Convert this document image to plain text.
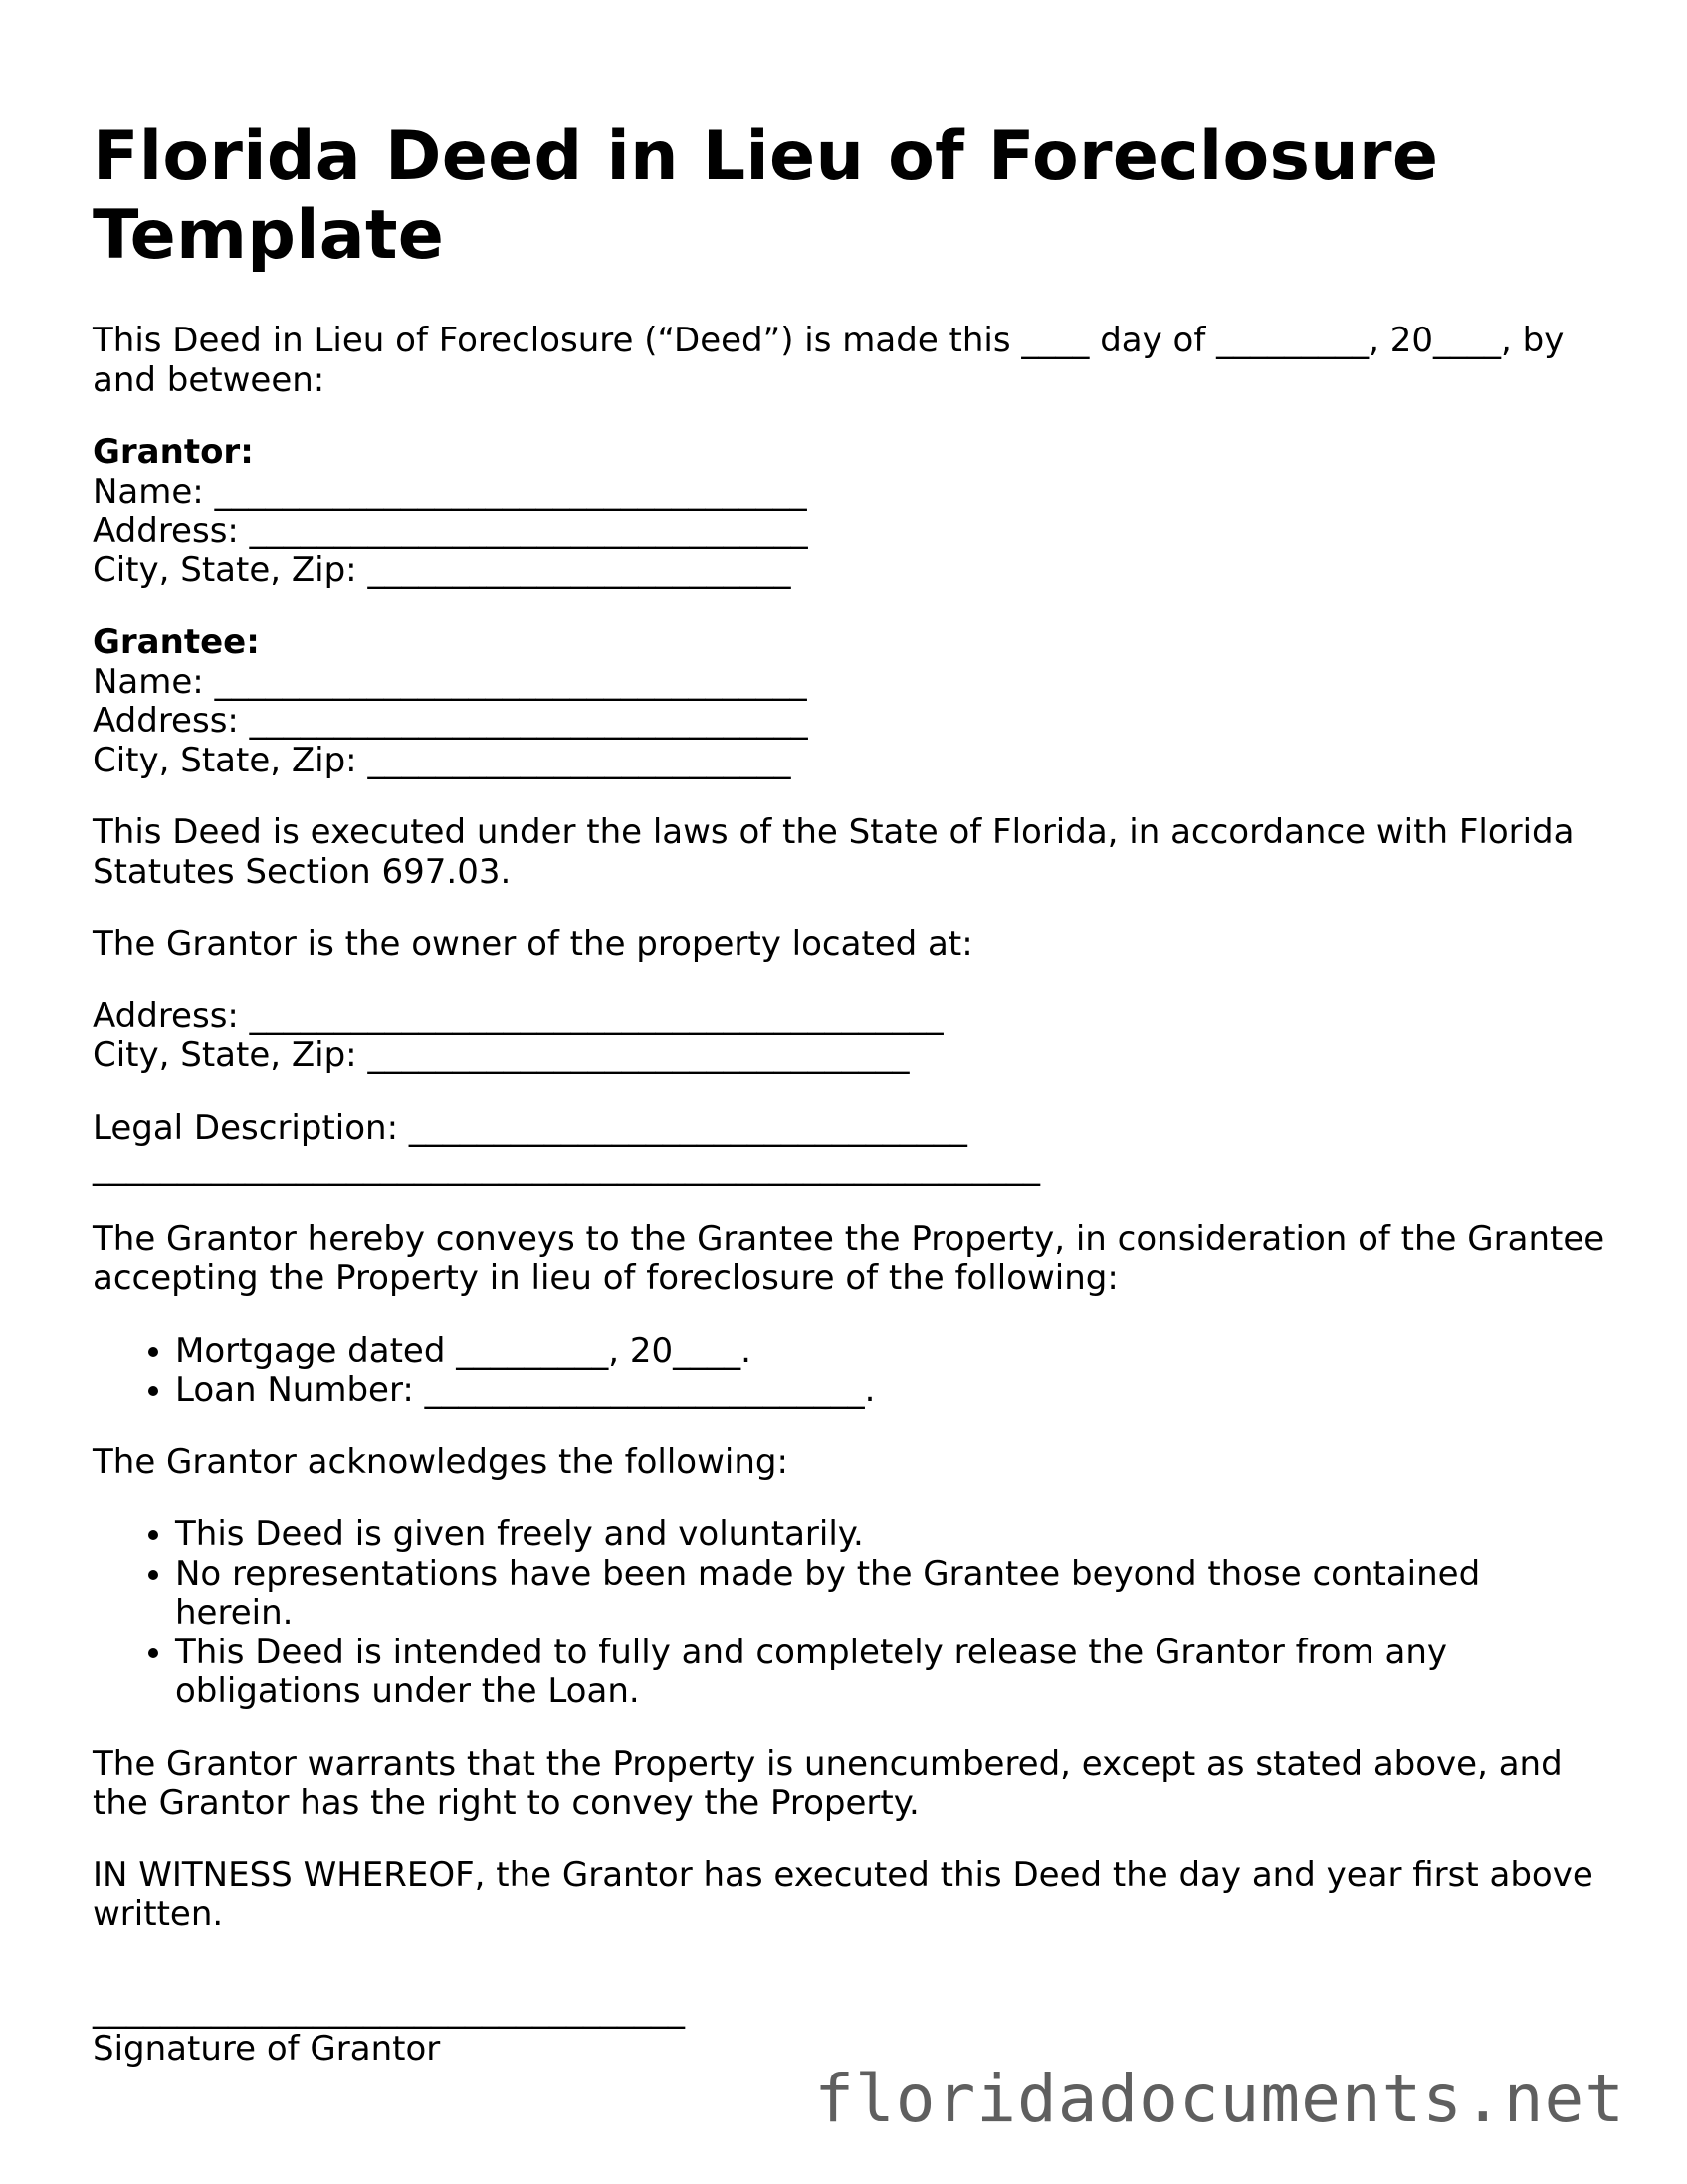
Florida Deed in Lieu of Foreclosure Template

This Deed in Lieu of Foreclosure (“Deed”) is made this ____ day of _________, 20____, by and between:

Grantor:
Name: ___________________________________
Address: _________________________________
City, State, Zip: _________________________
Grantee:
Name: ___________________________________
Address: _________________________________
City, State, Zip: _________________________

This Deed is executed under the laws of the State of Florida, in accordance with Florida Statutes Section 697.03.

The Grantor is the owner of the property located at:

Address: _________________________________________
City, State, Zip: ________________________________
Legal Description: _________________________________
________________________________________________________

The Grantor hereby conveys to the Grantee the Property, in consideration of the Grantee accepting the Property in lieu of foreclosure of the following:

• Mortgage dated _________, 20____.
• Loan Number: __________________________.

The Grantor acknowledges the following:

• This Deed is given freely and voluntarily.
• No representations have been made by the Grantee beyond those contained herein.
• This Deed is intended to fully and completely release the Grantor from any obligations under the Loan.

The Grantor warrants that the Property is unencumbered, except as stated above, and the Grantor has the right to convey the Property.

IN WITNESS WHEREOF, the Grantor has executed this Deed the day and year first above written.

___________________________________
Signature of Grantor
floridadocuments.net
